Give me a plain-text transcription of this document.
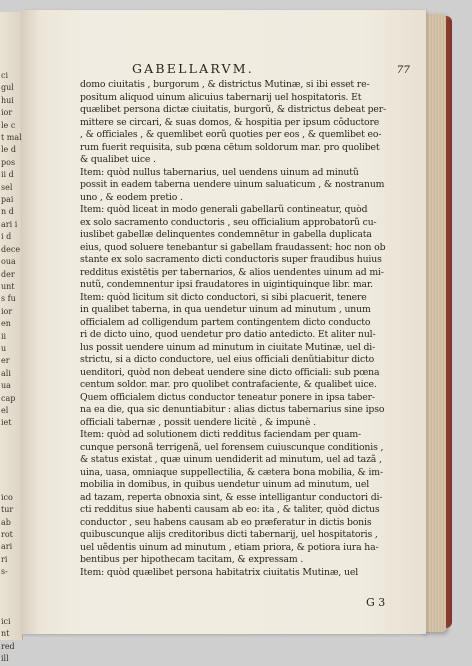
ci
gul
hui
ior
le c
t mal
le d
pos
ii d
sel
pai
n d
ari i
i d
dece
oua
der
unt
s fu
ior
en
ii
u
er
ali
ua
cap
el
iet

ico
tur
ab
rot
ari
ri
s-

ici
nt
red
ill
GABELLARVM.	77
domo ciuitatis , burgorum , & districtus Mutinæ, si ibi esset re-
positum aliquod uinum alicuius tabernarij uel hospitatoris. Et
quælibet persona dictæ ciuitatis, burgorũ, & districtus debeat per-
mittere se circari, & suas domos, & hospitia per ipsum côductore
, & officiales , & quemlibet eorũ quoties per eos , & quemlibet eo-
rum fuerit requisita, sub pœna cētum soldorum mar. pro quolibet
& qualibet uice .
Item: quòd nullus tabernarius, uel uendens uinum ad minutũ
possit in eadem taberna uendere uinum saluaticum , & nostranum
uno , & eodem pretio .
Item: quòd liceat in modo generali gabellarũ contineatur, quòd
ex solo sacramento conductoris , seu officialium approbatorũ cu-
iuslibet gabellæ delinquentes condemnētur in gabella duplicata
eius, quod soluere tenebantur si gabellam fraudassent: hoc non ob
stante ex solo sacramento dicti conductoris super fraudibus huius
redditus existētis per tabernarios, & alios uendentes uinum ad mi-
nutũ, condemnentur ipsi fraudatores in uigintiquinque libr. mar.
Item: quòd licitum sit dicto conductori, si sibi placuerit, tenere
in qualibet taberna, in qua uendetur uinum ad minutum , unum
officialem ad colligendum partem contingentem dicto conducto
ri de dicto uino, quod uendetur pro datio antedicto. Et aliter nul-
lus possit uendere uinum ad minutum in ciuitate Mutinæ, uel di-
strictu, si a dicto conductore, uel eius officiali denũtiabitur dicto
uenditori, quòd non debeat uendere sine dicto officiali: sub pœna
centum soldor. mar. pro quolibet contrafaciente, & qualibet uice.
Quem officialem dictus conductor teneatur ponere in ipsa taber-
na ea die, qua sic denuntiabitur : alias dictus tabernarius sine ipso
officiali tabernæ , possit uendere licitè , & impunè .
Item: quòd ad solutionem dicti redditus faciendam per quam-
cunque personã terrigenã, uel forensem cuiuscunque conditionis ,
& status existat , quæ uinum uendiderit ad minutum, uel ad tazã ,
uina, uasa, omniaque suppellectilia, & cætera bona mobilia, & im-
mobilia in domibus, in quibus uendetur uinum ad minutum, uel
ad tazam, reperta obnoxia sint, & esse intelligantur conductori di-
cti redditus siue habenti causam ab eo: ita , & taliter, quòd dictus
conductor , seu habens causam ab eo præferatur in dictis bonis
quibuscunque alijs creditoribus dicti tabernarij, uel hospitatoris ,
uel uẽdentis uinum ad minutum , etiam priora, & potiora iura ha-
bentibus per hipothecam tacitam, & expressam .
Item: quòd quælibet persona habitatrix ciuitatis Mutinæ, uel
G 3
